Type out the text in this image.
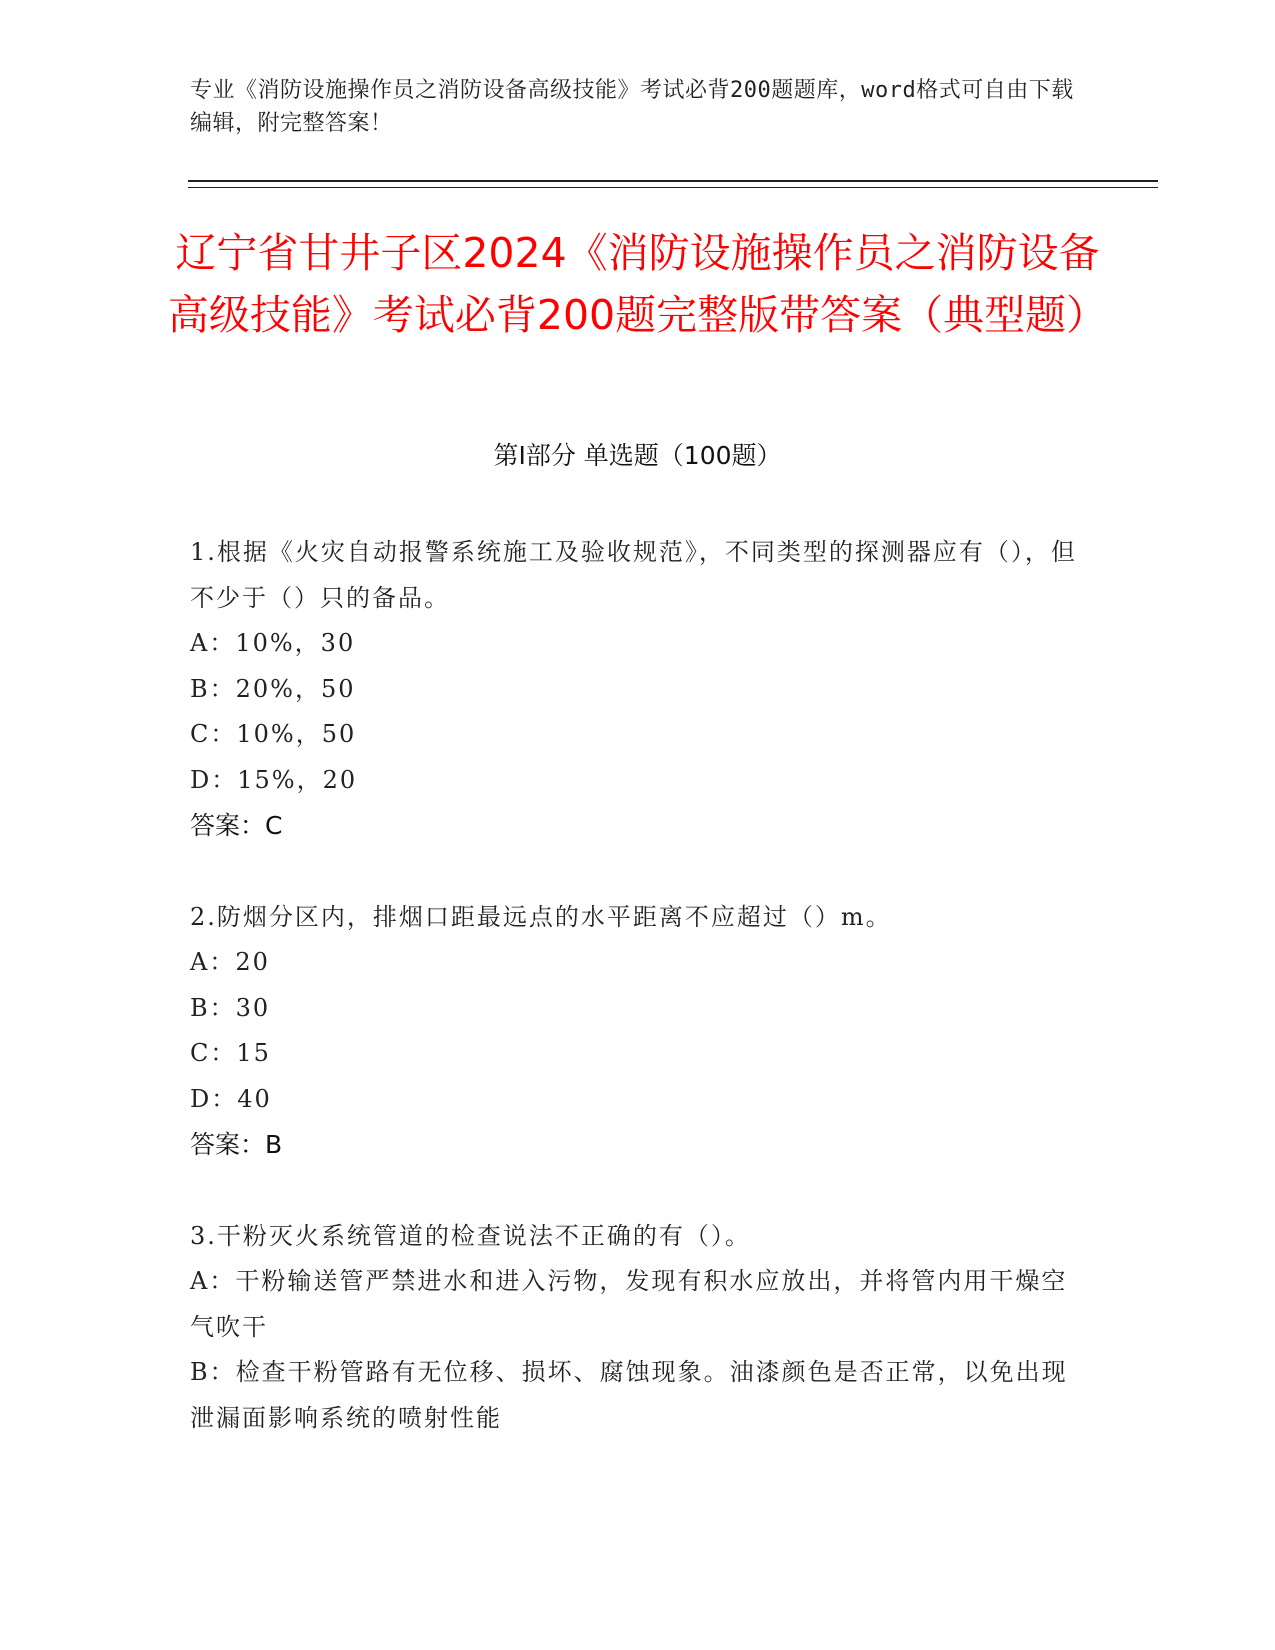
专业《消防设施操作员之消防设备高级技能》考试必背200题题库，word格式可自由下载编辑，附完整答案！
辽宁省甘井子区2024《消防设施操作员之消防设备高级技能》考试必背200题完整版带答案（典型题）
第Ⅰ部分 单选题（100题）
1.根据《火灾自动报警系统施工及验收规范》，不同类型的探测器应有（），但不少于（）只的备品。
A：10%，30
B：20%，50
C：10%，50
D：15%，20
答案：C
2.防烟分区内，排烟口距最远点的水平距离不应超过（）m。
A：20
B：30
C：15
D：40
答案：B
3.干粉灭火系统管道的检查说法不正确的有（）。
A：干粉输送管严禁进水和进入污物，发现有积水应放出，并将管内用干燥空气吹干
B：检查干粉管路有无位移、损坏、腐蚀现象。油漆颜色是否正常，以免出现泄漏面影响系统的喷射性能
